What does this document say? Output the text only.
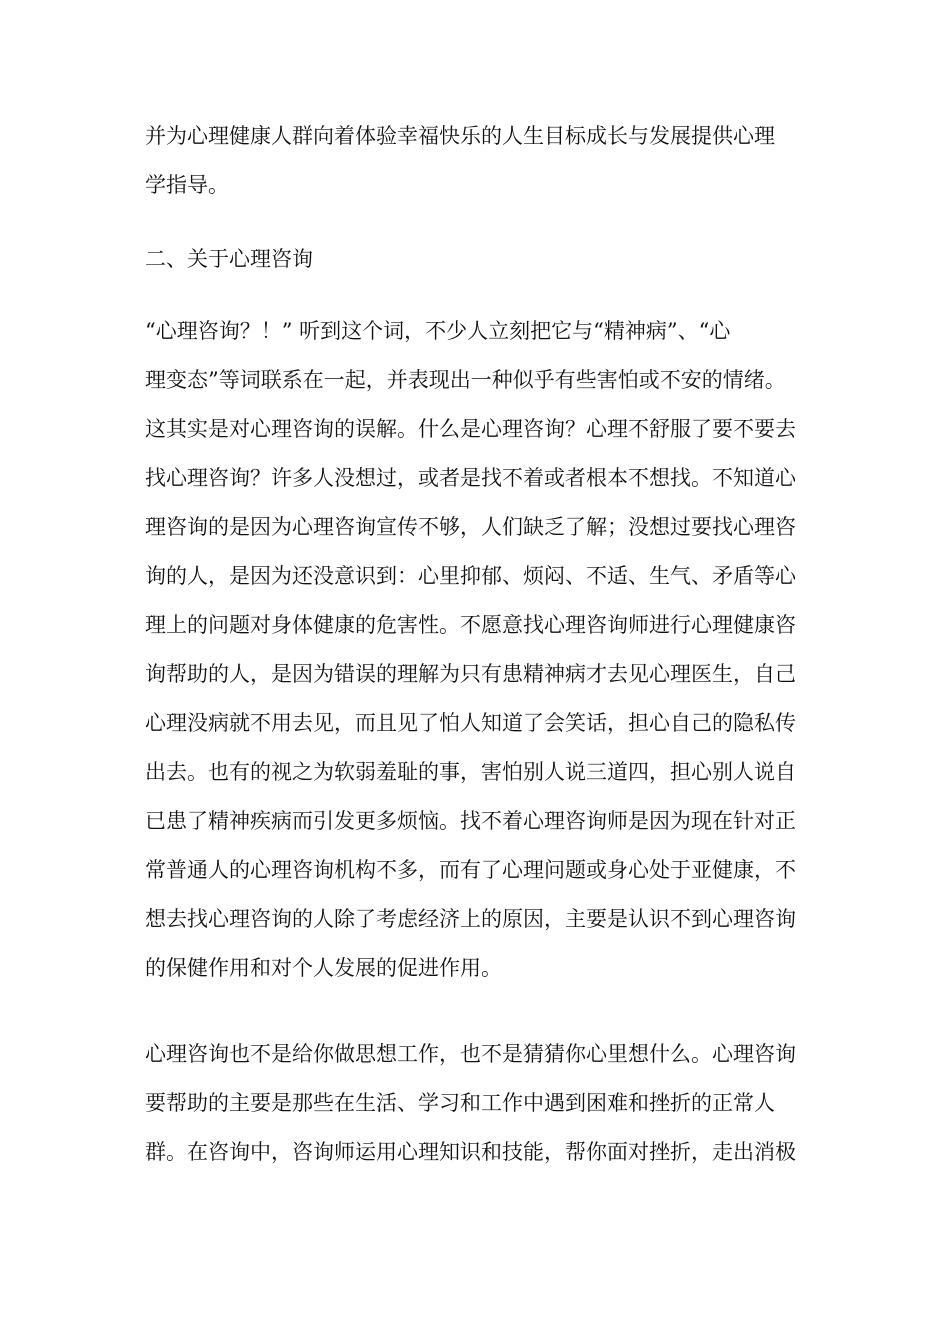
并为心理健康人群向着体验幸福快乐的人生目标成长与发展提供心理
学指导。
二、关于心理咨询
“心理咨询？！” 听到这个词，不少人立刻把它与“精神病”、“心
理变态”等词联系在一起，并表现出一种似乎有些害怕或不安的情绪。
这其实是对心理咨询的误解。什么是心理咨询？心理不舒服了要不要去
找心理咨询？许多人没想过，或者是找不着或者根本不想找。不知道心
理咨询的是因为心理咨询宣传不够，人们缺乏了解；没想过要找心理咨
询的人，是因为还没意识到：心里抑郁、烦闷、不适、生气、矛盾等心
理上的问题对身体健康的危害性。不愿意找心理咨询师进行心理健康咨
询帮助的人，是因为错误的理解为只有患精神病才去见心理医生，自己
心理没病就不用去见，而且见了怕人知道了会笑话，担心自己的隐私传
出去。也有的视之为软弱羞耻的事，害怕别人说三道四，担心别人说自
已患了精神疾病而引发更多烦恼。找不着心理咨询师是因为现在针对正
常普通人的心理咨询机构不多，而有了心理问题或身心处于亚健康，不
想去找心理咨询的人除了考虑经济上的原因，主要是认识不到心理咨询
的保健作用和对个人发展的促进作用。
心理咨询也不是给你做思想工作，也不是猜猜你心里想什么。心理咨询
要帮助的主要是那些在生活、学习和工作中遇到困难和挫折的正常人
群。在咨询中，咨询师运用心理知识和技能，帮你面对挫折，走出消极
